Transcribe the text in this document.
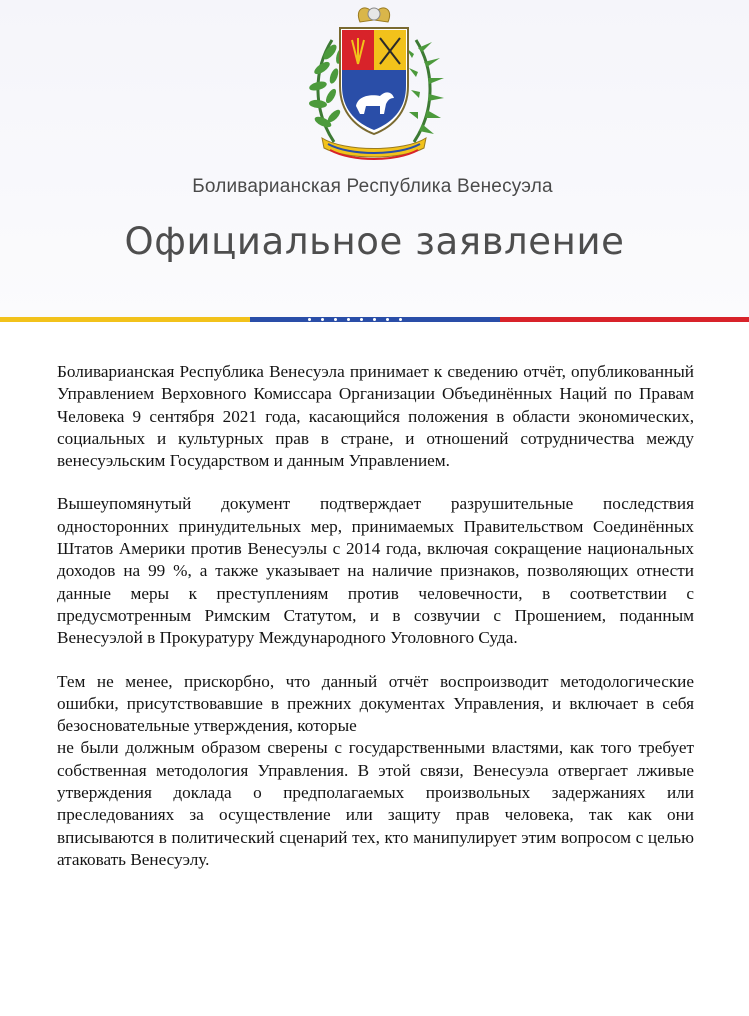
Боливарианская Республика Венесуэла
Официальное заявление

Боливарианская Республика Венесуэла принимает к сведению отчёт, опубликованный Управлением Верховного Комиссара Организации Объединённых Наций по Правам Человека 9 сентября 2021 года, касающийся положения в области экономических, социальных и культурных прав в стране, и отношений сотрудничества между венесуэльским Государством и данным Управлением.

Вышеупомянутый документ подтверждает разрушительные последствия односторонних принудительных мер, принимаемых Правительством Соединённых Штатов Америки против Венесуэлы с 2014 года, включая сокращение национальных доходов на 99 %, а также указывает на наличие признаков, позволяющих отнести данные меры к преступлениям против человечности, в соответствии с предусмотренным Римским Статутом, и в созвучии с Прошением, поданным Венесуэлой в Прокуратуру Международного Уголовного Суда.

Тем не менее, прискорбно, что данный отчёт воспроизводит методологические ошибки, присутствовавшие в прежних документах Управления, и включает в себя безосновательные утверждения, которые

не были должным образом сверены с государственными властями, как того требует собственная методология Управления. В этой связи, Венесуэла отвергает лживые утверждения доклада о предполагаемых произвольных задержаниях или преследованиях за осуществление или защиту прав человека, так как они вписываются в политический сценарий тех, кто манипулирует этим вопросом с целью атаковать Венесуэлу.
